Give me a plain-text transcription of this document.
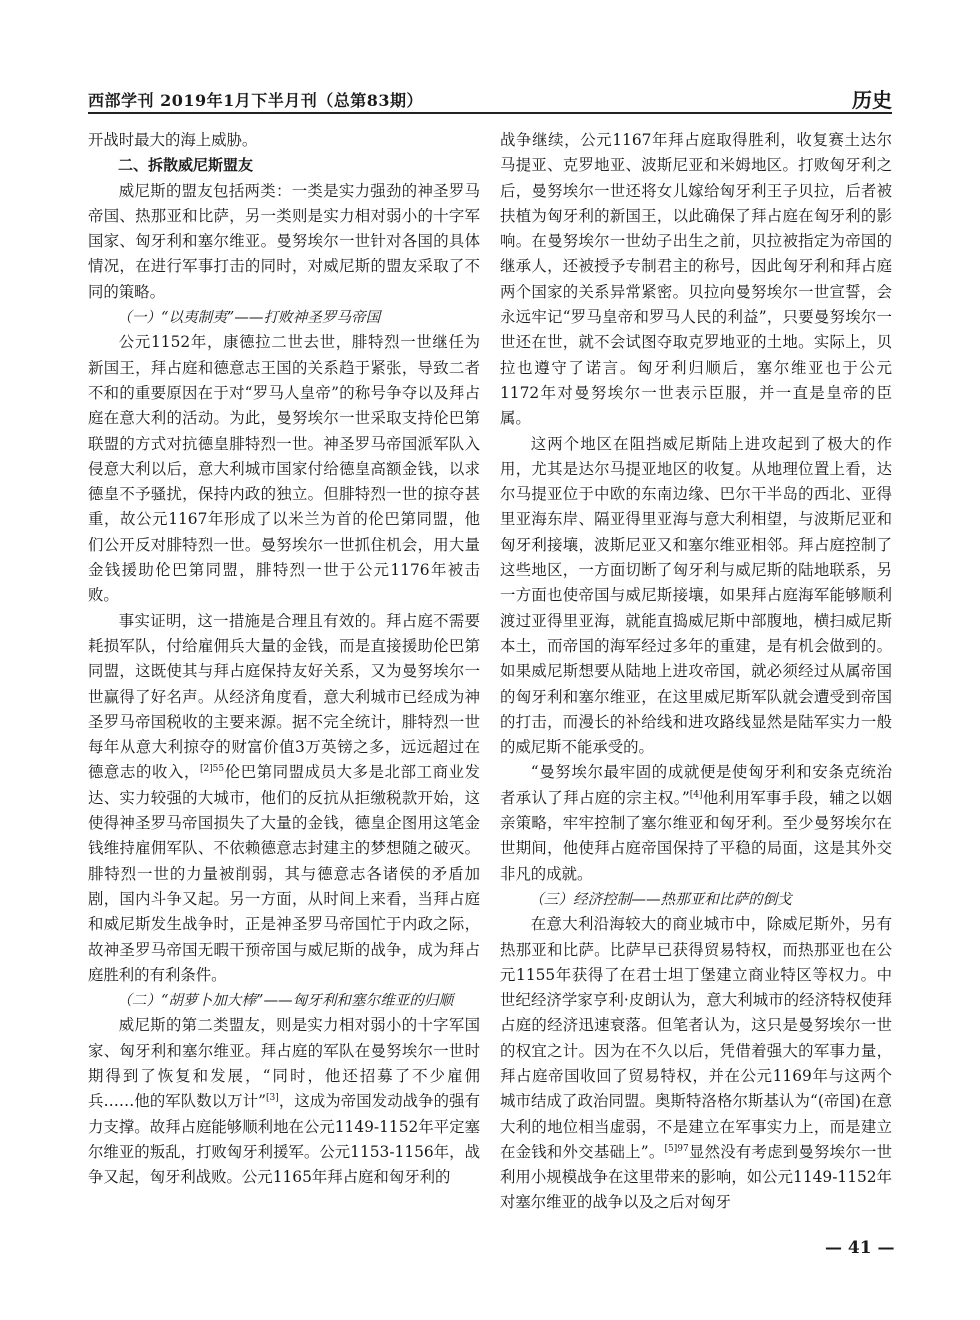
西部学刊 2019年1月下半月刊（总第83期）	历史

开战时最大的海上威胁。

二、拆散威尼斯盟友

威尼斯的盟友包括两类：一类是实力强劲的神圣罗马帝国、热那亚和比萨，另一类则是实力相对弱小的十字军国家、匈牙利和塞尔维亚。曼努埃尔一世针对各国的具体情况，在进行军事打击的同时，对威尼斯的盟友采取了不同的策略。

（一）“以夷制夷”——打败神圣罗马帝国

公元1152年，康德拉二世去世，腓特烈一世继任为新国王，拜占庭和德意志王国的关系趋于紧张，导致二者不和的重要原因在于对“罗马人皇帝”的称号争夺以及拜占庭在意大利的活动。为此，曼努埃尔一世采取支持伦巴第联盟的方式对抗德皇腓特烈一世。神圣罗马帝国派军队入侵意大利以后，意大利城市国家付给德皇高额金钱，以求德皇不予骚扰，保持内政的独立。但腓特烈一世的掠夺甚重，故公元1167年形成了以米兰为首的伦巴第同盟，他们公开反对腓特烈一世。曼努埃尔一世抓住机会，用大量金钱援助伦巴第同盟，腓特烈一世于公元1176年被击败。

事实证明，这一措施是合理且有效的。拜占庭不需要耗损军队，付给雇佣兵大量的金钱，而是直接援助伦巴第同盟，这既使其与拜占庭保持友好关系，又为曼努埃尔一世赢得了好名声。从经济角度看，意大利城市已经成为神圣罗马帝国税收的主要来源。据不完全统计，腓特烈一世每年从意大利掠夺的财富价值3万英镑之多，远远超过在德意志的收入，$^{[2]55}$伦巴第同盟成员大多是北部工商业发达、实力较强的大城市，他们的反抗从拒缴税款开始，这使得神圣罗马帝国损失了大量的金钱，德皇企图用这笔金钱维持雇佣军队、不依赖德意志封建主的梦想随之破灭。腓特烈一世的力量被削弱，其与德意志各诸侯的矛盾加剧，国内斗争又起。另一方面，从时间上来看，当拜占庭和威尼斯发生战争时，正是神圣罗马帝国忙于内政之际，故神圣罗马帝国无暇干预帝国与威尼斯的战争，成为拜占庭胜利的有利条件。

（二）“胡萝卜加大棒”——匈牙利和塞尔维亚的归顺

威尼斯的第二类盟友，则是实力相对弱小的十字军国家、匈牙利和塞尔维亚。拜占庭的军队在曼努埃尔一世时期得到了恢复和发展，“同时，他还招募了不少雇佣兵……他的军队数以万计”[3]，这成为帝国发动战争的强有力支撑。故拜占庭能够顺利地在公元1149-1152年平定塞尔维亚的叛乱，打败匈牙利援军。公元1153-1156年，战争又起，匈牙利战败。公元1165年拜占庭和匈牙利的

战争继续，公元1167年拜占庭取得胜利，收复赛土达尔马提亚、克罗地亚、波斯尼亚和米姆地区。打败匈牙利之后，曼努埃尔一世还将女儿嫁给匈牙利王子贝拉，后者被扶植为匈牙利的新国王，以此确保了拜占庭在匈牙利的影响。在曼努埃尔一世幼子出生之前，贝拉被指定为帝国的继承人，还被授予专制君主的称号，因此匈牙利和拜占庭两个国家的关系异常紧密。贝拉向曼努埃尔一世宣誓，会永远牢记“罗马皇帝和罗马人民的利益”，只要曼努埃尔一世还在世，就不会试图夺取克罗地亚的土地。实际上，贝拉也遵守了诺言。匈牙利归顺后，塞尔维亚也于公元1172年对曼努埃尔一世表示臣服，并一直是皇帝的臣属。

这两个地区在阻挡威尼斯陆上进攻起到了极大的作用，尤其是达尔马提亚地区的收复。从地理位置上看，达尔马提亚位于中欧的东南边缘、巴尔干半岛的西北、亚得里亚海东岸、隔亚得里亚海与意大利相望，与波斯尼亚和匈牙利接壤，波斯尼亚又和塞尔维亚相邻。拜占庭控制了这些地区，一方面切断了匈牙利与威尼斯的陆地联系，另一方面也使帝国与威尼斯接壤，如果拜占庭海军能够顺利渡过亚得里亚海，就能直捣威尼斯中部腹地，横扫威尼斯本土，而帝国的海军经过多年的重建，是有机会做到的。如果威尼斯想要从陆地上进攻帝国，就必须经过从属帝国的匈牙利和塞尔维亚，在这里威尼斯军队就会遭受到帝国的打击，而漫长的补给线和进攻路线显然是陆军实力一般的威尼斯不能承受的。

“曼努埃尔最牢固的成就便是使匈牙利和安条克统治者承认了拜占庭的宗主权。”[4]他利用军事手段，辅之以姻亲策略，牢牢控制了塞尔维亚和匈牙利。至少曼努埃尔在世期间，他使拜占庭帝国保持了平稳的局面，这是其外交非凡的成就。

（三）经济控制——热那亚和比萨的倒戈

在意大利沿海较大的商业城市中，除威尼斯外，另有热那亚和比萨。比萨早已获得贸易特权，而热那亚也在公元1155年获得了在君士坦丁堡建立商业特区等权力。中世纪经济学家亨利·皮朗认为，意大利城市的经济特权使拜占庭的经济迅速衰落。但笔者认为，这只是曼努埃尔一世的权宜之计。因为在不久以后，凭借着强大的军事力量，拜占庭帝国收回了贸易特权，并在公元1169年与这两个城市结成了政治同盟。奥斯特洛格尔斯基认为“(帝国)在意大利的地位相当虚弱，不是建立在军事实力上，而是建立在金钱和外交基础上”。$^{[5]97}$显然没有考虑到曼努埃尔一世利用小规模战争在这里带来的影响，如公元1149-1152年对塞尔维亚的战争以及之后对匈牙

— 41 —
